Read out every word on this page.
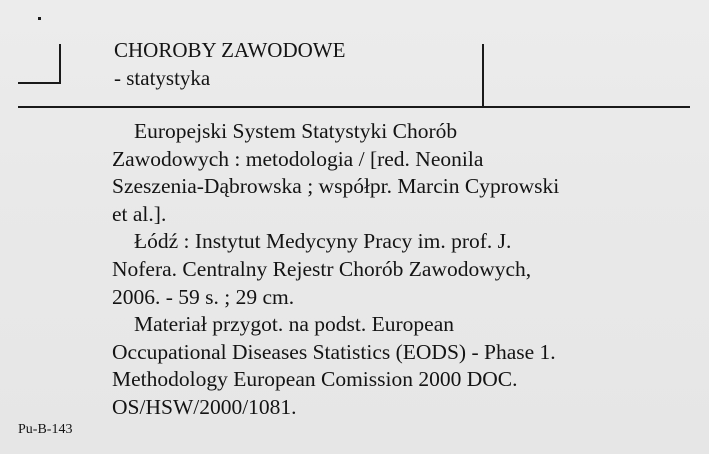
CHOROBY ZAWODOWE
- statystyka
Europejski System Statystyki Chorób
Zawodowych : metodologia / [red. Neonila
Szeszenia-Dąbrowska ; współpr. Marcin Cyprowski
et al.].
Łódź : Instytut Medycyny Pracy im. prof. J.
Nofera. Centralny Rejestr Chorób Zawodowych,
2006. - 59 s. ; 29 cm.
Materiał przygot. na podst. European
Occupational Diseases Statistics (EODS) - Phase 1.
Methodology European Comission 2000 DOC.
OS/HSW/2000/1081.
Pu-B-143
